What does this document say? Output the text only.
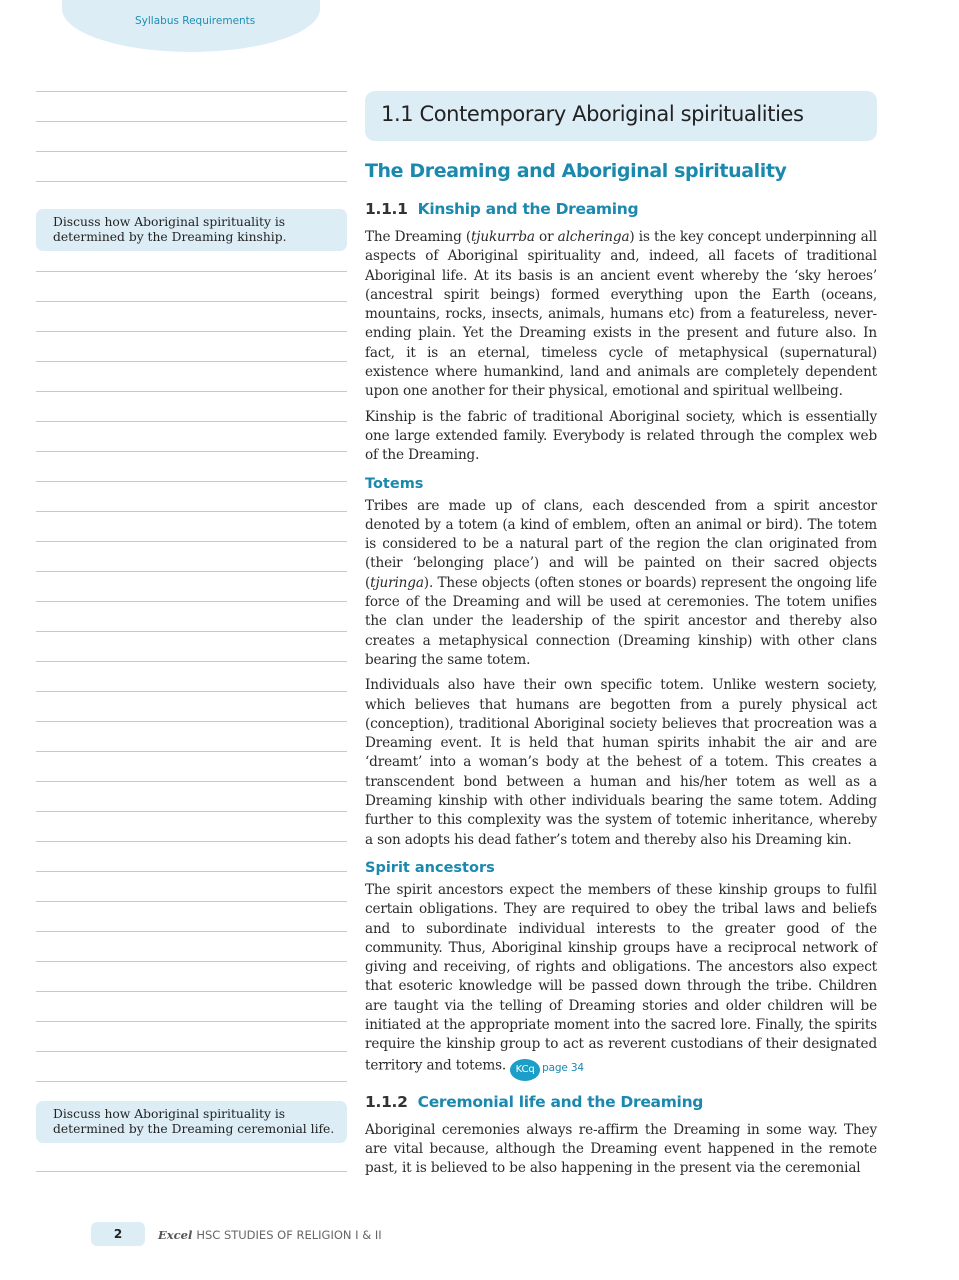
Syllabus Requirements
Discuss how Aboriginal spirituality is determined by the Dreaming kinship.
Discuss how Aboriginal spirituality is determined by the Dreaming ceremonial life.
1.1 Contemporary Aboriginal spiritualities
The Dreaming and Aboriginal spirituality
1.1.1 Kinship and the Dreaming

The Dreaming (tjukurrba or alcheringa) is the key concept underpinning all aspects of Aboriginal spirituality and, indeed, all facets of traditional Aboriginal life. At its basis is an ancient event whereby the ‘sky heroes’ (ancestral spirit beings) formed everything upon the Earth (oceans, mountains, rocks, insects, animals, humans etc) from a featureless, never-ending plain. Yet the Dreaming exists in the present and future also. In fact, it is an eternal, timeless cycle of metaphysical (supernatural) existence where humankind, land and animals are completely dependent upon one another for their physical, emotional and spiritual wellbeing.

Kinship is the fabric of traditional Aboriginal society, which is essentially one large extended family. Everybody is related through the complex web of the Dreaming.

Totems

Tribes are made up of clans, each descended from a spirit ancestor denoted by a totem (a kind of emblem, often an animal or bird). The totem is considered to be a natural part of the region the clan originated from (their ‘belonging place’) and will be painted on their sacred objects (tjuringa). These objects (often stones or boards) represent the ongoing life force of the Dreaming and will be used at ceremonies. The totem unifies the clan under the leadership of the spirit ancestor and thereby also creates a metaphysical connection (Dreaming kinship) with other clans bearing the same totem.

Individuals also have their own specific totem. Unlike western society, which believes that humans are begotten from a purely physical act (conception), traditional Aboriginal society believes that procreation was a Dreaming event. It is held that human spirits inhabit the air and are ‘dreamt’ into a woman’s body at the behest of a totem. This creates a transcendent bond between a human and his/her totem as well as a Dreaming kinship with other individuals bearing the same totem. Adding further to this complexity was the system of totemic inheritance, whereby a son adopts his dead father’s totem and thereby also his Dreaming kin.

Spirit ancestors

The spirit ancestors expect the members of these kinship groups to fulfil certain obligations. They are required to obey the tribal laws and beliefs and to subordinate individual interests to the greater good of the community. Thus, Aboriginal kinship groups have a reciprocal network of giving and receiving, of rights and obligations. The ancestors also expect that esoteric knowledge will be passed down through the tribe. Children are taught via the telling of Dreaming stories and older children will be initiated at the appropriate moment into the sacred lore. Finally, the spirits require the kinship group to act as reverent custodians of their designated territory and totems. KCq $^{page 34}$

1.1.2 Ceremonial life and the Dreaming

Aboriginal ceremonies always re-affirm the Dreaming in some way. They are vital because, although the Dreaming event happened in the remote past, it is believed to be also happening in the present via the ceremonial

2	Excel HSC STUDIES OF RELIGION I & II
